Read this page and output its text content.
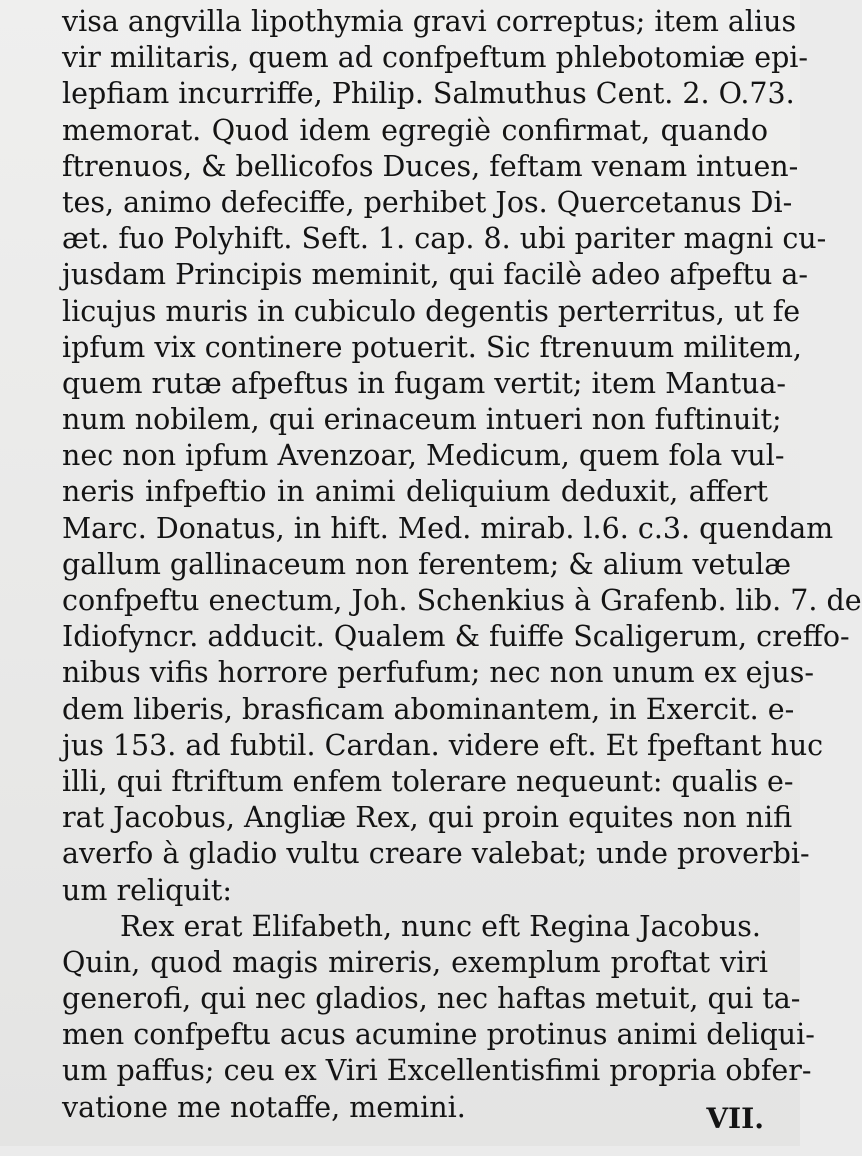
visa angvilla lipothymia gravi correptus; item alius
vir militaris, quem ad confpeftum phlebotomiæ epi-
lepfiam incurriffe, Philip. Salmuthus Cent. 2. O.73.
memorat. Quod idem egregiè confirmat, quando
ftrenuos, & bellicofos Duces, feftam venam intuen-
tes, animo defeciffe, perhibet Jos. Quercetanus Di-
æt. fuo Polyhift. Seft. 1. cap. 8. ubi pariter magni cu-
jusdam Principis meminit, qui facilè adeo afpeftu a-
licujus muris in cubiculo degentis perterritus, ut fe
ipfum vix continere potuerit. Sic ftrenuum militem,
quem rutæ afpeftus in fugam vertit; item Mantua-
num nobilem, qui erinaceum intueri non fuftinuit;
nec non ipfum Avenzoar, Medicum, quem fola vul-
neris infpeftio in animi deliquium deduxit, affert
Marc. Donatus, in hift. Med. mirab. l.6. c.3. quendam
gallum gallinaceum non ferentem; & alium vetulæ
confpeftu enectum, Joh. Schenkius à Grafenb. lib. 7. de
Idiofyncr. adducit. Qualem & fuiffe Scaligerum, creffo-
nibus vifis horrore perfufum; nec non unum ex ejus-
dem liberis, brasficam abominantem, in Exercit. e-
jus 153. ad fubtil. Cardan. videre eft. Et fpeftant huc
illi, qui ftriftum enfem tolerare nequeunt: qualis e-
rat Jacobus, Angliæ Rex, qui proin equites non nifi
averfo à gladio vultu creare valebat; unde proverbi-
um reliquit:
Rex erat Elifabeth, nunc eft Regina Jacobus.
Quin, quod magis mireris, exemplum proftat viri
generofi, qui nec gladios, nec haftas metuit, qui ta-
men confpeftu acus acumine protinus animi deliqui-
um paffus; ceu ex Viri Excellentisfimi propria obfer-
vatione me notaffe, memini.	VII.
